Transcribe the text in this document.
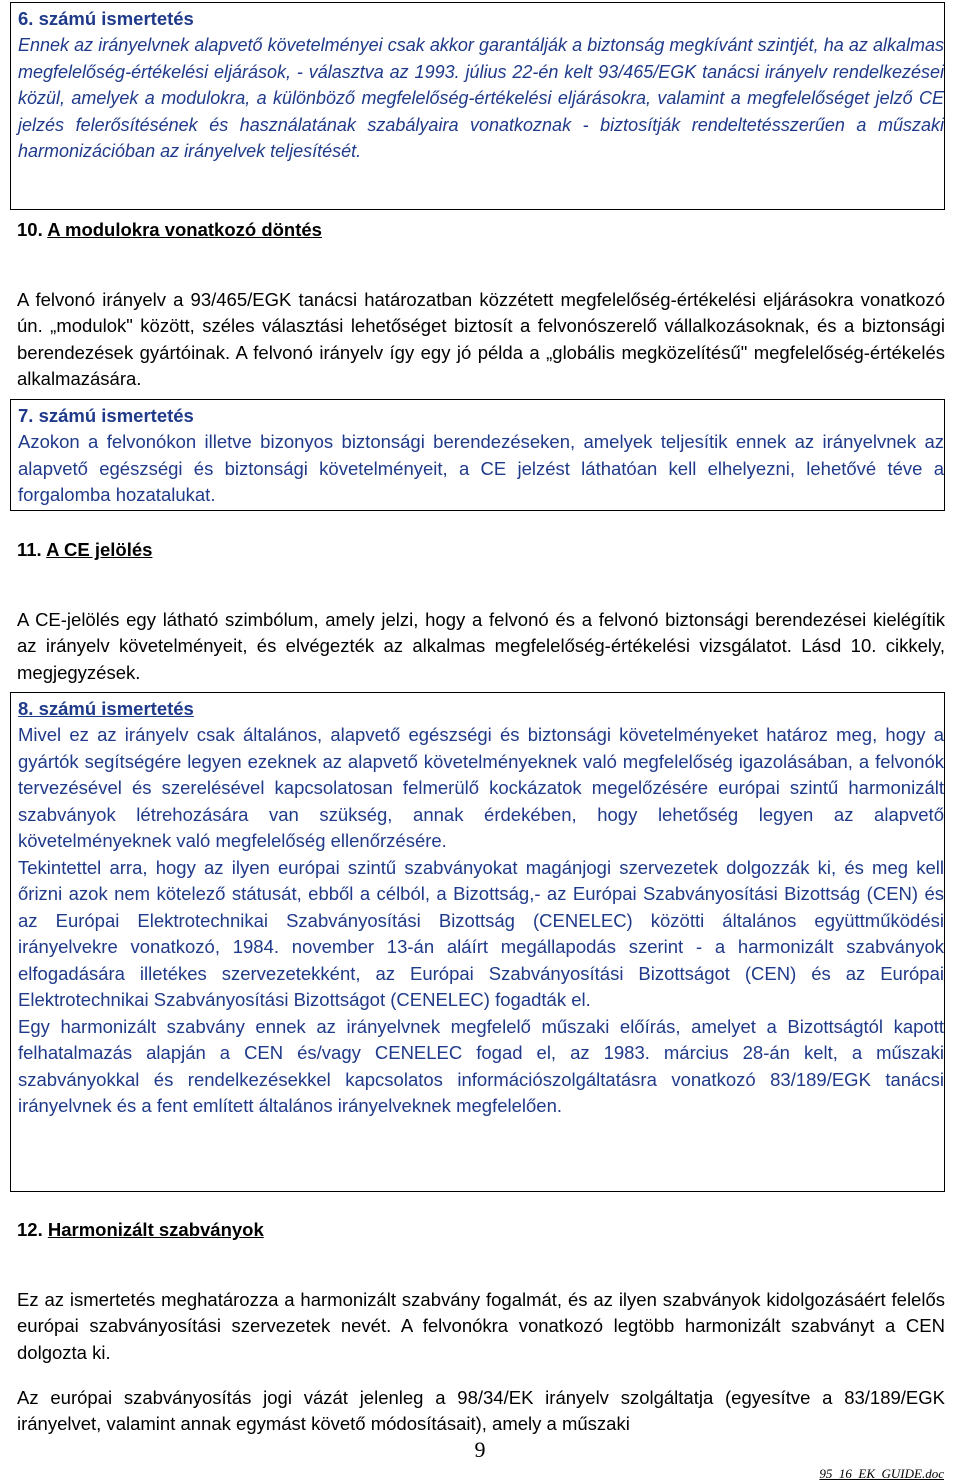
6. számú ismertetés

Ennek az irányelvnek alapvető követelményei csak akkor garantálják a biztonság megkívánt szintjét, ha az alkalmas megfelelőség-értékelési eljárások, - választva az 1993. július 22-én kelt 93/465/EGK tanácsi irányelv rendelkezései közül, amelyek a modulokra, a különböző megfelelőség-értékelési eljárásokra, valamint a megfelelőséget jelző CE jelzés felerősítésének és használatának szabályaira vonatkoznak - biztosítják rendeltetésszerűen a műszaki harmonizációban az irányelvek teljesítését.

10. A modulokra vonatkozó döntés

A felvonó irányelv a 93/465/EGK tanácsi határozatban közzétett megfelelőség-értékelési eljárásokra vonatkozó ún. „modulok" között, széles választási lehetőséget biztosít a felvonószerelő vállalkozásoknak, és a biztonsági berendezések gyártóinak. A felvonó irányelv így egy jó példa a „globális megközelítésű" megfelelőség-értékelés alkalmazására.

7. számú ismertetés

Azokon a felvonókon illetve bizonyos biztonsági berendezéseken, amelyek teljesítik ennek az irányelvnek az alapvető egészségi és biztonsági követelményeit, a CE jelzést láthatóan kell elhelyezni, lehetővé téve a forgalomba hozatalukat.

11. A CE jelölés

A CE-jelölés egy látható szimbólum, amely jelzi, hogy a felvonó és a felvonó biztonsági berendezései kielégítik az irányelv követelményeit, és elvégezték az alkalmas megfelelőség-értékelési vizsgálatot. Lásd 10. cikkely, megjegyzések.

8. számú ismertetés

Mivel ez az irányelv csak általános, alapvető egészségi és biztonsági követelményeket határoz meg, hogy a gyártók segítségére legyen ezeknek az alapvető követelményeknek való megfelelőség igazolásában, a felvonók tervezésével és szerelésével kapcsolatosan felmerülő kockázatok megelőzésére európai szintű harmonizált szabványok létrehozására van szükség, annak érdekében, hogy lehetőség legyen az alapvető követelményeknek való megfelelőség ellenőrzésére.

Tekintettel arra, hogy az ilyen európai szintű szabványokat magánjogi szervezetek dolgozzák ki, és meg kell őrizni azok nem kötelező státusát, ebből a célból, a Bizottság,- az Európai Szabványosítási Bizottság (CEN) és az Európai Elektrotechnikai Szabványosítási Bizottság (CENELEC) közötti általános együttműködési irányelvekre vonatkozó, 1984. november 13-án aláírt megállapodás szerint - a harmonizált szabványok elfogadására illetékes szervezetekként, az Európai Szabványosítási Bizottságot (CEN) és az Európai Elektrotechnikai Szabványosítási Bizottságot (CENELEC) fogadták el.

Egy harmonizált szabvány ennek az irányelvnek megfelelő műszaki előírás, amelyet a Bizottságtól kapott felhatalmazás alapján a CEN és/vagy CENELEC fogad el, az 1983. március 28-án kelt, a műszaki szabványokkal és rendelkezésekkel kapcsolatos információszolgáltatásra vonatkozó 83/189/EGK tanácsi irányelvnek és a fent említett általános irányelveknek megfelelően.

12. Harmonizált szabványok

Ez az ismertetés meghatározza a harmonizált szabvány fogalmát, és az ilyen szabványok kidolgozásáért felelős európai szabványosítási szervezetek nevét. A felvonókra vonatkozó legtöbb harmonizált szabványt a CEN dolgozta ki.

Az európai szabványosítás jogi vázát jelenleg a 98/34/EK irányelv szolgáltatja (egyesítve a 83/189/EGK irányelvet, valamint annak egymást követő módosításait), amely a műszaki

9
95_16_EK_GUIDE.doc
